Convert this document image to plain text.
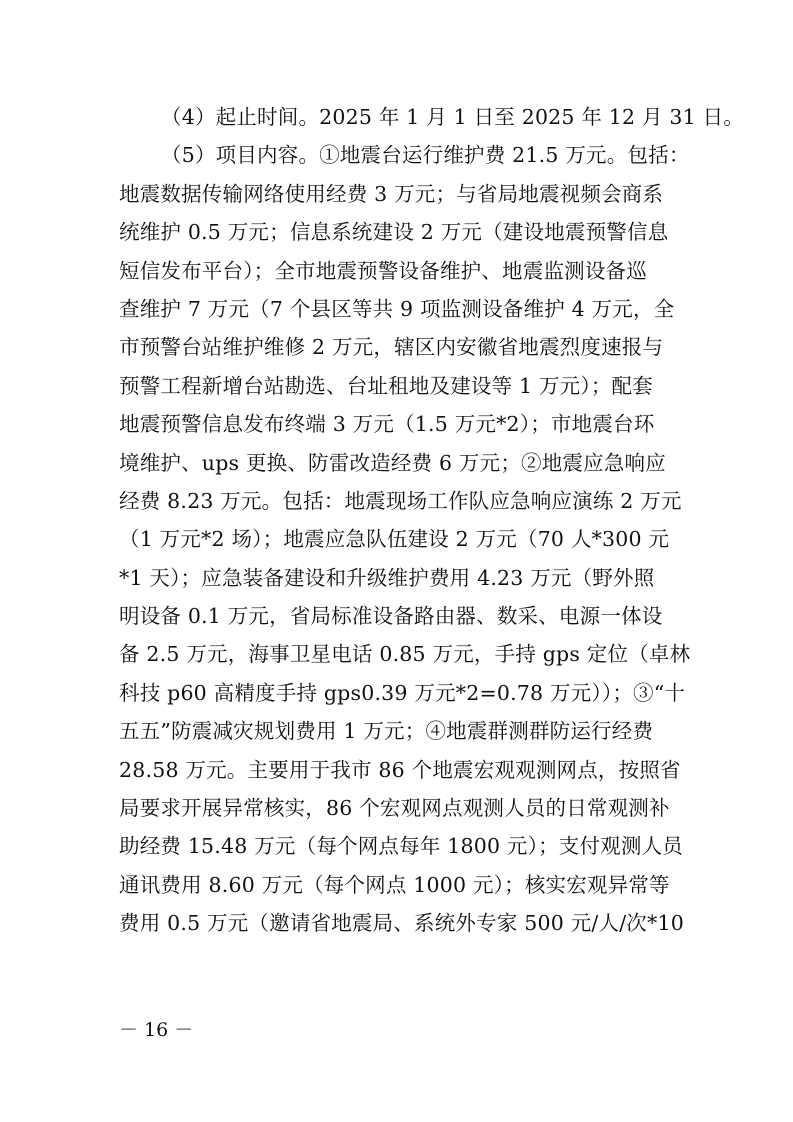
（4）起止时间。2025 年 1 月 1 日至 2025 年 12 月 31 日。
（5）项目内容。①地震台运行维护费 21.5 万元。包括：
地震数据传输网络使用经费 3 万元；与省局地震视频会商系
统维护 0.5 万元；信息系统建设 2 万元（建设地震预警信息
短信发布平台）；全市地震预警设备维护、地震监测设备巡
查维护 7 万元（7 个县区等共 9 项监测设备维护 4 万元，全
市预警台站维护维修 2 万元，辖区内安徽省地震烈度速报与
预警工程新增台站勘选、台址租地及建设等 1 万元）；配套
地震预警信息发布终端 3 万元（1.5 万元*2）；市地震台环
境维护、ups 更换、防雷改造经费 6 万元；②地震应急响应
经费 8.23 万元。包括：地震现场工作队应急响应演练 2 万元
（1 万元*2 场）；地震应急队伍建设 2 万元（70 人*300 元
*1 天）；应急装备建设和升级维护费用 4.23 万元（野外照
明设备 0.1 万元，省局标准设备路由器、数采、电源一体设
备 2.5 万元，海事卫星电话 0.85 万元，手持 gps 定位（卓林
科技 p60 高精度手持 gps0.39 万元*2=0.78 万元））；③“十
五五”防震减灾规划费用 1 万元；④地震群测群防运行经费
28.58 万元。主要用于我市 86 个地震宏观观测网点，按照省
局要求开展异常核实，86 个宏观网点观测人员的日常观测补
助经费 15.48 万元（每个网点每年 1800 元）；支付观测人员
通讯费用 8.60 万元（每个网点 1000 元）；核实宏观异常等
费用 0.5 万元（邀请省地震局、系统外专家 500 元/人/次*10
－ 16 －
